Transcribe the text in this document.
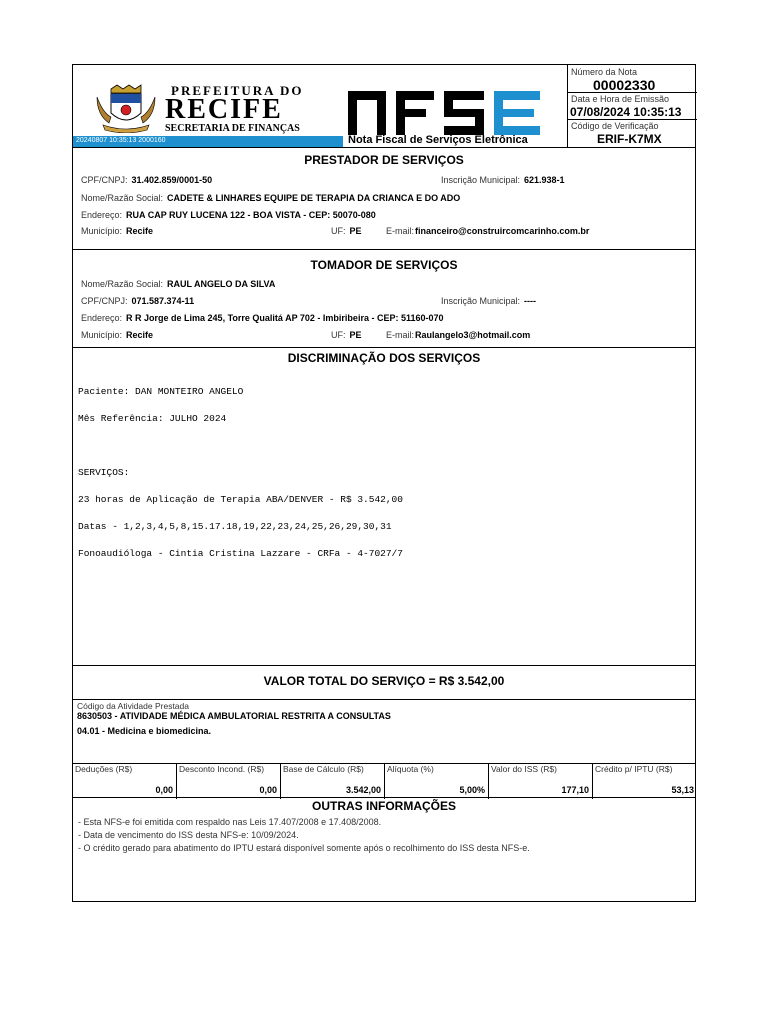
PREFEITURA DO
RECIFE
SECRETARIA DE FINANÇAS
20240807 10:35:13 2000160	Nota Fiscal de Serviços Eletrônica
Número da Nota
00002330
Data e Hora de Emissão
07/08/2024 10:35:13
Código de Verificação
ERIF-K7MX
PRESTADOR DE SERVIÇOS
CPF/CNPJ: 31.402.859/0001-50	Inscrição Municipal: 621.938-1
Nome/Razão Social: CADETE & LINHARES EQUIPE DE TERAPIA DA CRIANCA E DO ADO
Endereço: RUA CAP RUY LUCENA 122 - BOA VISTA - CEP: 50070-080
Município: Recife	UF: PE	E-mail:financeiro@construircomcarinho.com.br
TOMADOR DE SERVIÇOS
Nome/Razão Social: RAUL ANGELO DA SILVA
CPF/CNPJ: 071.587.374-11	Inscrição Municipal: ----
Endereço: R R Jorge de Lima 245, Torre Qualitá AP 702 - Imbiribeira - CEP: 51160-070
Município: Recife	UF: PE	E-mail:Raulangelo3@hotmail.com
DISCRIMINAÇÃO DOS SERVIÇOS

Paciente: DAN MONTEIRO ANGELO

Mês Referência: JULHO 2024

SERVIÇOS:

23 horas de Aplicação de Terapia ABA/DENVER - R$ 3.542,00

Datas - 1,2,3,4,5,8,15.17.18,19,22,23,24,25,26,29,30,31

Fonoaudióloga - Cintia Cristina Lazzare - CRFa - 4-7027/7

VALOR TOTAL DO SERVIÇO = R$ 3.542,00
Código da Atividade Prestada
8630503 - ATIVIDADE MÉDICA AMBULATORIAL RESTRITA A CONSULTAS
04.01 - Medicina e biomedicina.
Deduções (R$)
0,00
Desconto Incond. (R$)
0,00
Base de Cálculo (R$)
3.542,00
Alíquota (%)
5,00%
Valor do ISS (R$)
177,10
Crédito p/ IPTU (R$)
53,13
OUTRAS INFORMAÇÕES
- Esta NFS-e foi emitida com respaldo nas Leis 17.407/2008 e 17.408/2008.
- Data de vencimento do ISS desta NFS-e: 10/09/2024.
- O crédito gerado para abatimento do IPTU estará disponível somente após o recolhimento do ISS desta NFS-e.
